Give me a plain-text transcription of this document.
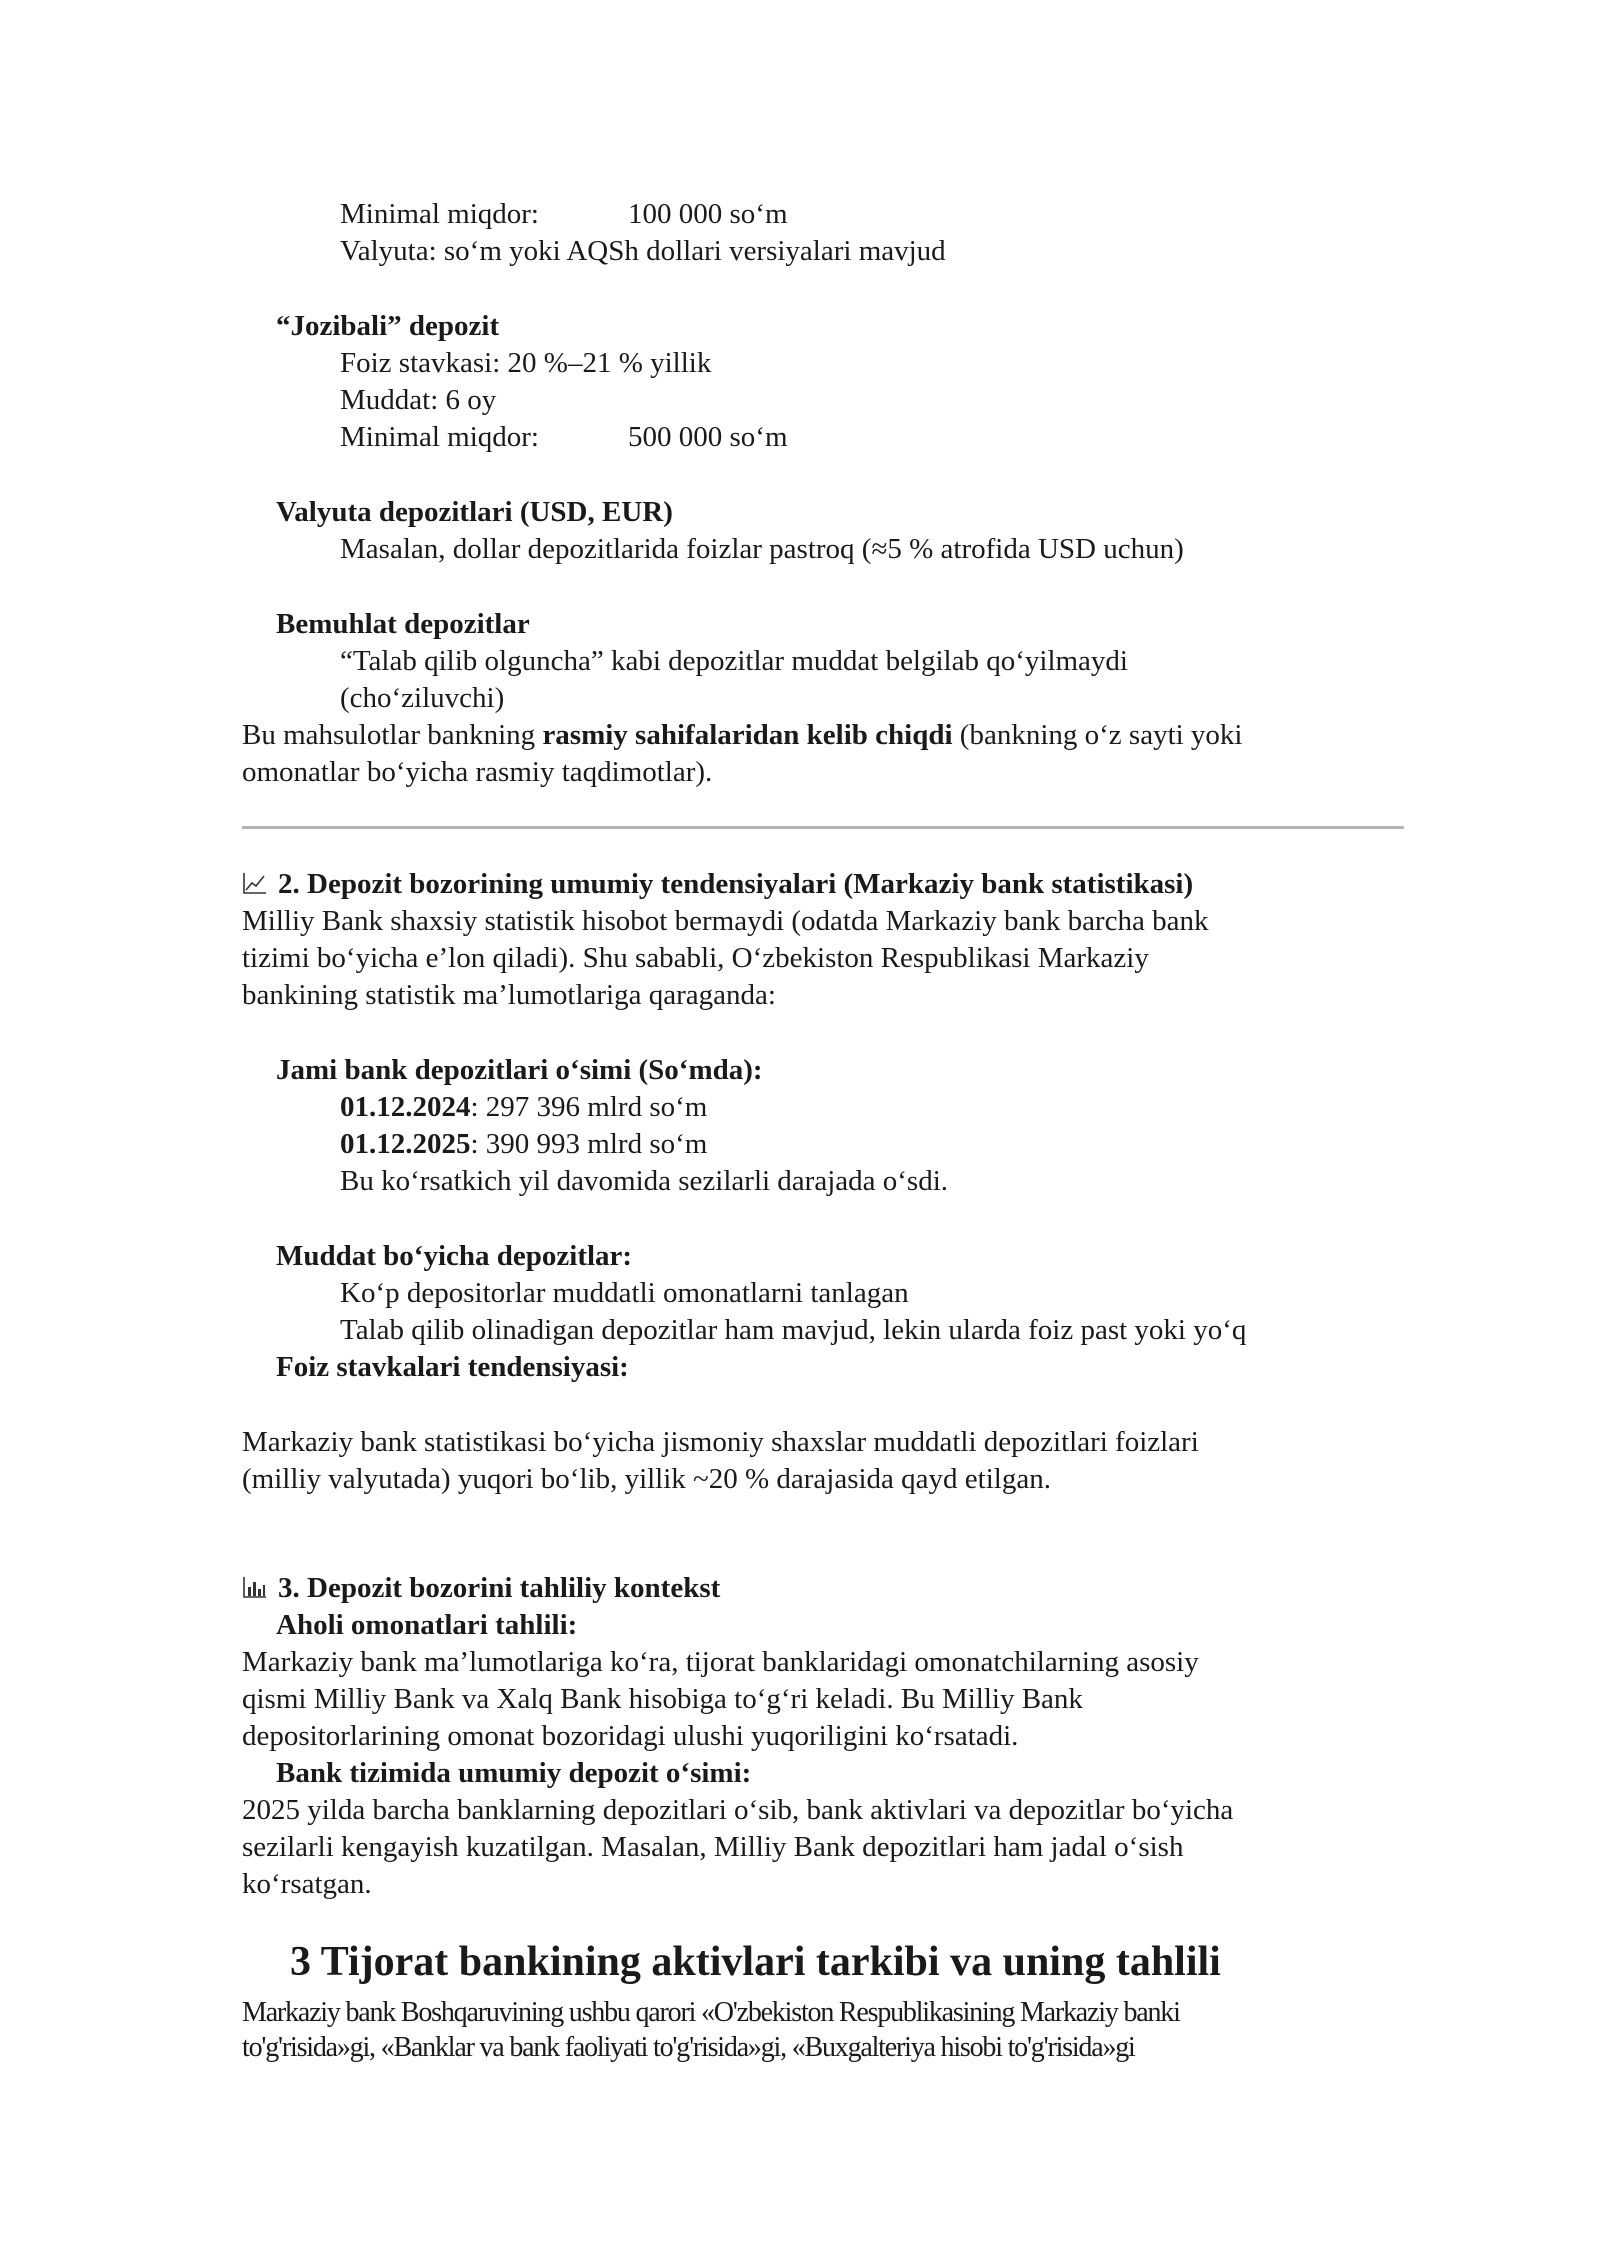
Minimal miqdor:	100 000 so‘m
Valyuta: so‘m yoki AQSh dollari versiyalari mavjud
“Jozibali” depozit
Foiz stavkasi: 20 %–21 % yillik
Muddat: 6 oy
Minimal miqdor:	500 000 so‘m
Valyuta depozitlari (USD, EUR)
Masalan, dollar depozitlarida foizlar pastroq (≈5 % atrofida USD uchun)
Bemuhlat depozitlar
“Talab qilib olguncha” kabi depozitlar muddat belgilab qo‘yilmaydi
(cho‘ziluvchi)
Bu mahsulotlar bankning rasmiy sahifalaridan kelib chiqdi (bankning o‘z sayti yoki
omonatlar bo‘yicha rasmiy taqdimotlar).
2. Depozit bozorining umumiy tendensiyalari (Markaziy bank statistikasi)
Milliy Bank shaxsiy statistik hisobot bermaydi (odatda Markaziy bank barcha bank
tizimi bo‘yicha e’lon qiladi). Shu sababli, O‘zbekiston Respublikasi Markaziy
bankining statistik ma’lumotlariga qaraganda:
Jami bank depozitlari o‘simi (So‘mda):
01.12.2024: 297 396 mlrd so‘m
01.12.2025: 390 993 mlrd so‘m
Bu ko‘rsatkich yil davomida sezilarli darajada o‘sdi.
Muddat bo‘yicha depozitlar:
Ko‘p depositorlar muddatli omonatlarni tanlagan
Talab qilib olinadigan depozitlar ham mavjud, lekin ularda foiz past yoki yo‘q
Foiz stavkalari tendensiyasi:
Markaziy bank statistikasi bo‘yicha jismoniy shaxslar muddatli depozitlari foizlari
(milliy valyutada) yuqori bo‘lib, yillik ~20 % darajasida qayd etilgan.
3. Depozit bozorini tahliliy kontekst
Aholi omonatlari tahlili:
Markaziy bank ma’lumotlariga ko‘ra, tijorat banklaridagi omonatchilarning asosiy
qismi Milliy Bank va Xalq Bank hisobiga to‘g‘ri keladi. Bu Milliy Bank
depositorlarining omonat bozoridagi ulushi yuqoriligini ko‘rsatadi.
Bank tizimida umumiy depozit o‘simi:
2025 yilda barcha banklarning depozitlari o‘sib, bank aktivlari va depozitlar bo‘yicha
sezilarli kengayish kuzatilgan. Masalan, Milliy Bank depozitlari ham jadal o‘sish
ko‘rsatgan.
3 Tijorat bankining aktivlari tarkibi va uning tahlili
Markaziy bank Boshqaruvining ushbu qarori «O'zbekiston Respublikasining Markaziy banki
to'g'risida»gi, «Banklar va bank faoliyati to'g'risida»gi, «Buxgalteriya hisobi to'g'risida»gi
